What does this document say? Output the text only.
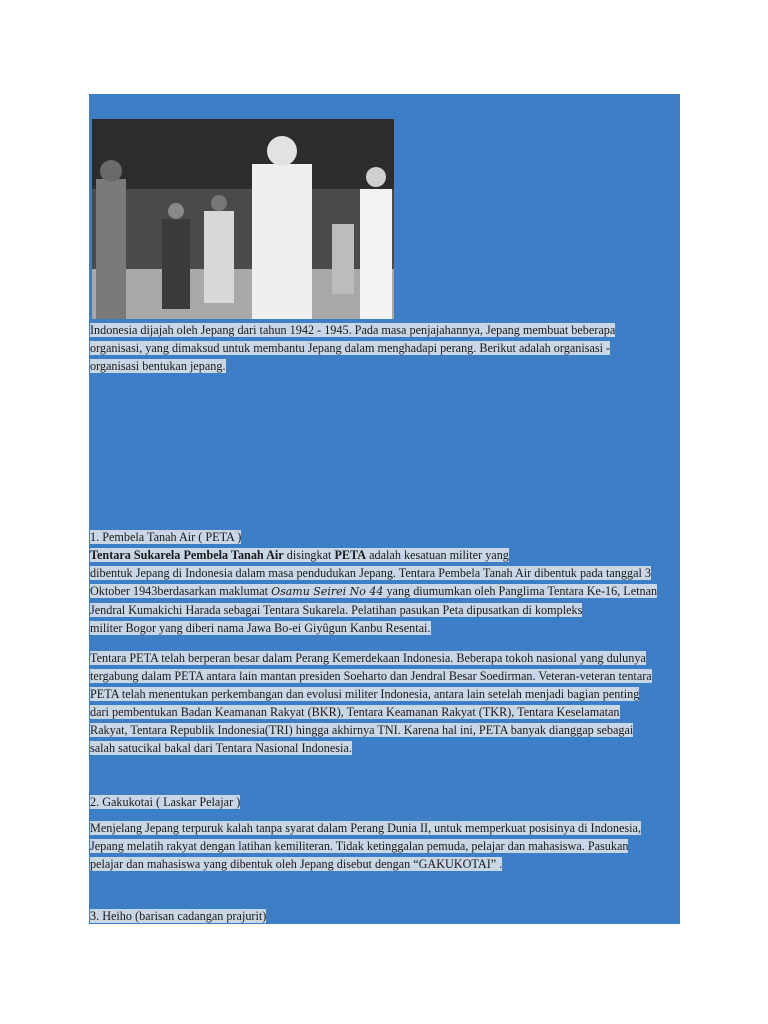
Indonesia dijajah oleh Jepang dari tahun 1942 - 1945. Pada masa penjajahannya, Jepang membuat beberapa
organisasi, yang dimaksud untuk membantu Jepang dalam menghadapi perang. Berikut adalah organisasi -
organisasi bentukan jepang.
1. Pembela Tanah Air ( PETA )
Tentara Sukarela Pembela Tanah Air disingkat PETA adalah kesatuan militer yang
dibentuk Jepang di Indonesia dalam masa pendudukan Jepang. Tentara Pembela Tanah Air dibentuk pada tanggal 3
Oktober 1943berdasarkan maklumat Osamu Seirei No 44 yang diumumkan oleh Panglima Tentara Ke-16, Letnan
Jendral Kumakichi Harada sebagai Tentara Sukarela. Pelatihan pasukan Peta dipusatkan di kompleks
militer Bogor yang diberi nama Jawa Bo-ei Giyûgun Kanbu Resentai.
Tentara PETA telah berperan besar dalam Perang Kemerdekaan Indonesia. Beberapa tokoh nasional yang dulunya
tergabung dalam PETA antara lain mantan presiden Soeharto dan Jendral Besar Soedirman. Veteran-veteran tentara
PETA telah menentukan perkembangan dan evolusi militer Indonesia, antara lain setelah menjadi bagian penting
dari pembentukan Badan Keamanan Rakyat (BKR), Tentara Keamanan Rakyat (TKR), Tentara Keselamatan
Rakyat, Tentara Republik Indonesia(TRI) hingga akhirnya TNI. Karena hal ini, PETA banyak dianggap sebagai
salah satucikal bakal dari Tentara Nasional Indonesia.
2. Gakukotai ( Laskar Pelajar )
Menjelang Jepang terpuruk kalah tanpa syarat dalam Perang Dunia II, untuk memperkuat posisinya di Indonesia,
Jepang melatih rakyat dengan latihan kemiliteran. Tidak ketinggalan pemuda, pelajar dan mahasiswa. Pasukan
pelajar dan mahasiswa yang dibentuk oleh Jepang disebut dengan “GAKUKOTAI” .
3. Heiho (barisan cadangan prajurit)
